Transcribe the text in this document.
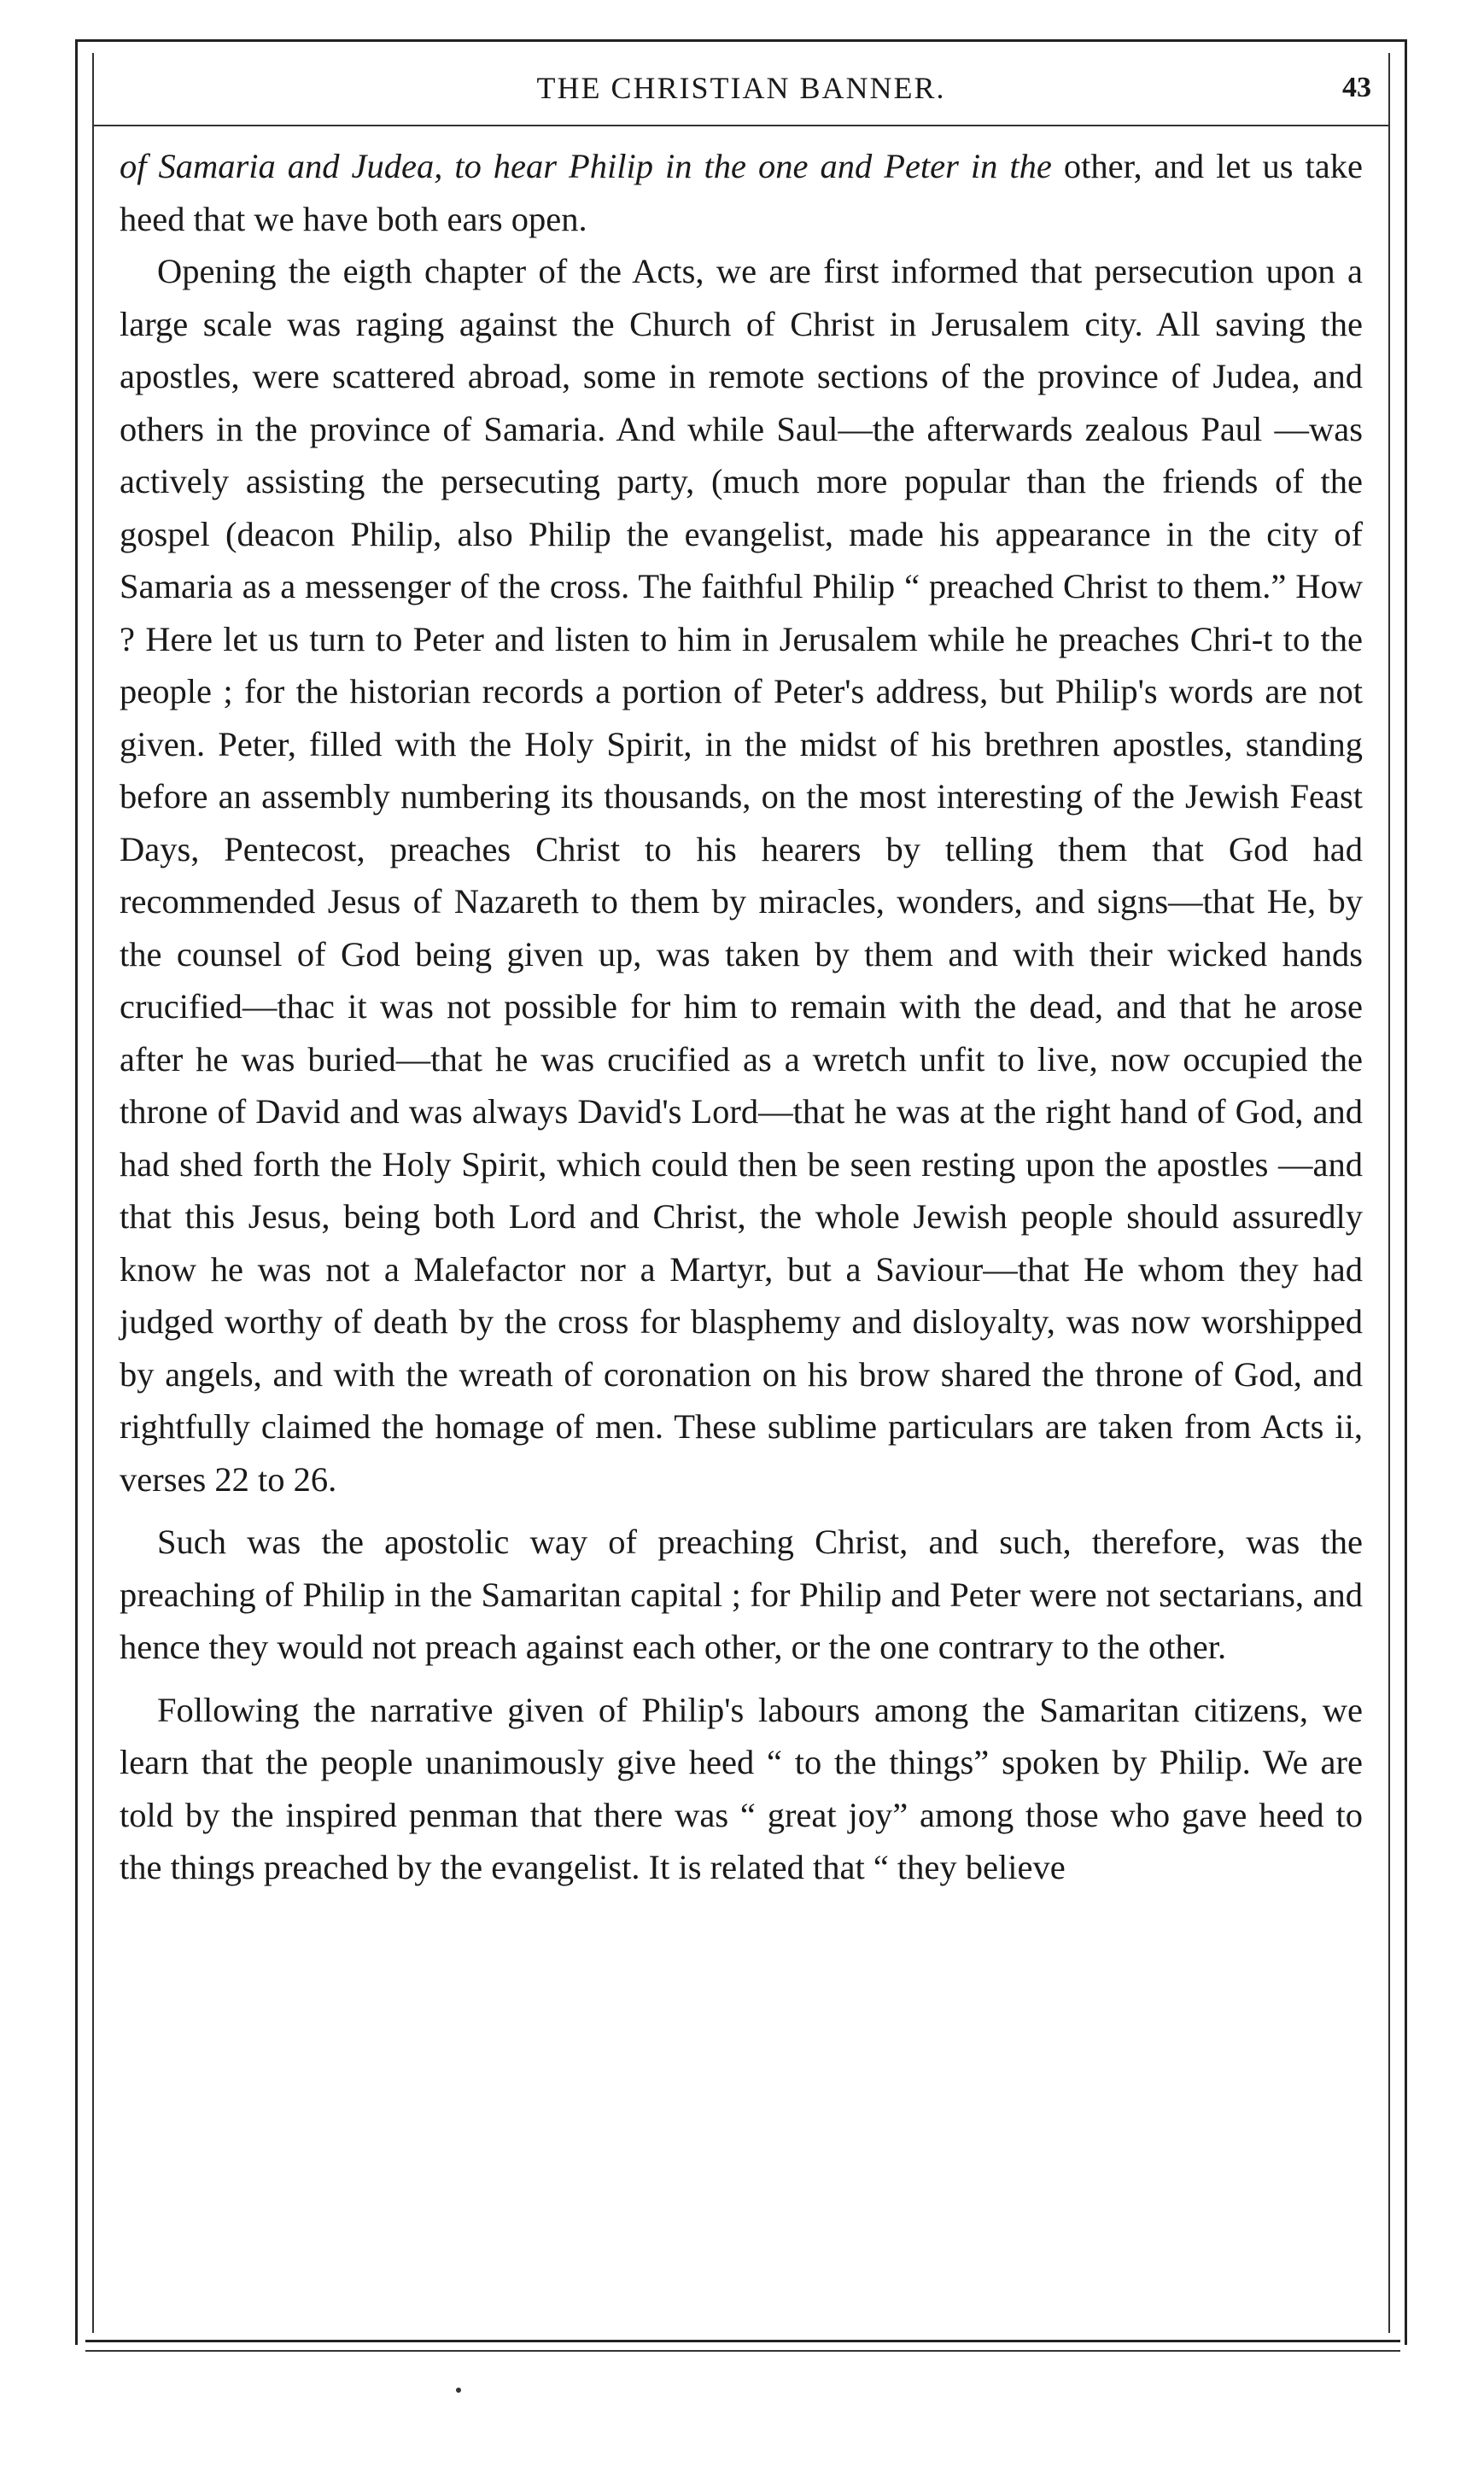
THE CHRISTIAN BANNER.	43

of Samaria and Judea, to hear Philip in the one and Peter in the other, and let us take heed that we have both ears open.

Opening the eigth chapter of the Acts, we are first informed that persecution upon a large scale was raging against the Church of Christ in Jerusalem city. All saving the apostles, were scattered abroad, some in remote sections of the province of Judea, and others in the province of Samaria. And while Saul—the afterwards zealous Paul —was actively assisting the persecuting party, (much more popular than the friends of the gospel (deacon Philip, also Philip the evangelist, made his appearance in the city of Samaria as a messenger of the cross. The faithful Philip “ preached Christ to them.” How ? Here let us turn to Peter and listen to him in Jerusalem while he preaches Chri-t to the people ; for the historian records a portion of Peter's address, but Philip's words are not given. Peter, filled with the Holy Spirit, in the midst of his brethren apostles, standing before an assembly numbering its thousands, on the most interesting of the Jewish Feast Days, Pentecost, preaches Christ to his hearers by telling them that God had recommended Jesus of Nazareth to them by miracles, wonders, and signs—that He, by the counsel of God being given up, was taken by them and with their wicked hands crucified—thac it was not possible for him to remain with the dead, and that he arose after he was buried—that he was crucified as a wretch unfit to live, now occupied the throne of David and was always David's Lord—that he was at the right hand of God, and had shed forth the Holy Spirit, which could then be seen resting upon the apostles —and that this Jesus, being both Lord and Christ, the whole Jewish people should assuredly know he was not a Malefactor nor a Martyr, but a Saviour—that He whom they had judged worthy of death by the cross for blasphemy and disloyalty, was now worshipped by angels, and with the wreath of coronation on his brow shared the throne of God, and rightfully claimed the homage of men. These sublime particulars are taken from Acts ii, verses 22 to 26.

Such was the apostolic way of preaching Christ, and such, therefore, was the preaching of Philip in the Samaritan capital ; for Philip and Peter were not sectarians, and hence they would not preach against each other, or the one contrary to the other.

Following the narrative given of Philip's labours among the Samaritan citizens, we learn that the people unanimously give heed “ to the things” spoken by Philip. We are told by the inspired penman that there was “ great joy” among those who gave heed to the things preached by the evangelist. It is related that “ they believe
